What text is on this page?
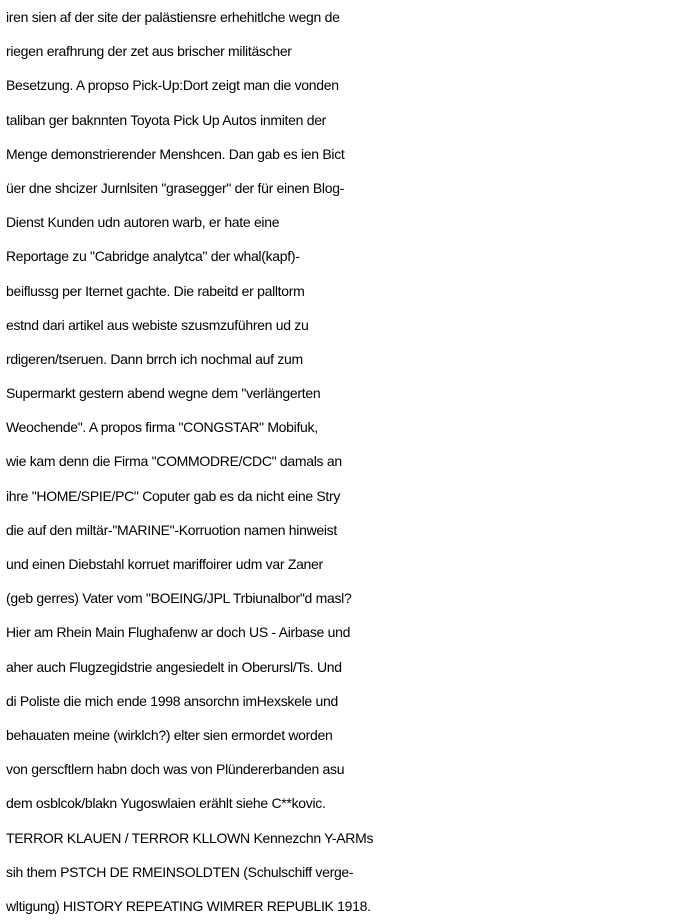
iren sien af der site der palästiensre erhehitlche wegn de
riegen erafhrung der zet aus brischer militäscher
Besetzung. A propso Pick-Up:Dort zeigt man die vonden
taliban ger baknnten Toyota Pick Up Autos inmiten der
Menge demonstrierender Menshcen. Dan gab es ien Bict
üer dne shcizer Jurnlsiten "grasegger" der für einen Blog-
Dienst Kunden udn autoren warb, er hate eine
Reportage zu "Cabridge analytca" der whal(kapf)-
beiflussg per Iternet gachte. Die rabeitd er palltorm
estnd dari artikel aus webiste szusmzuführen ud zu
rdigeren/tseruen. Dann brrch ich nochmal auf zum
Supermarkt gestern abend wegne dem "verlängerten
Weochende". A propos firma "CONGSTAR" Mobifuk,
wie kam denn die Firma "COMMODRE/CDC" damals an
ihre "HOME/SPIE/PC" Coputer gab es da nicht eine Stry
die auf den miltär-"MARINE"-Korruotion namen hinweist
und einen Diebstahl korruet mariffoirer udm var Zaner
(geb gerres) Vater vom "BOEING/JPL Trbiunalbor"d masl?
Hier am Rhein Main Flughafenw ar doch US - Airbase und
aher auch Flugzegidstrie angesiedelt in Oberursl/Ts. Und
di Poliste die mich ende 1998 ansorchn imHexskele und
behauaten meine (wirklch?) elter sien ermordet worden
von gerscftlern habn doch was von Plündererbanden asu
dem osblcok/blakn Yugoswlaien erählt siehe C**kovic.
TERROR KLAUEN / TERROR KLLOWN Kennezchn Y-ARMs
sih them PSTCH DE RMEINSOLDTEN (Schulschiff verge-
wltigung) HISTORY REPEATING WIMRER REPUBLIK 1918.
